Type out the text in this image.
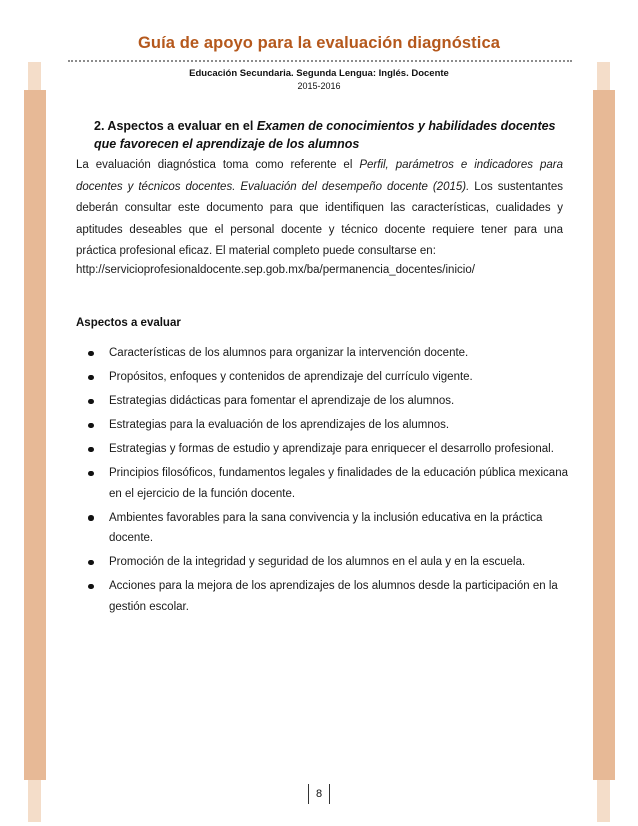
Guía de apoyo para la evaluación diagnóstica
Educación Secundaria. Segunda Lengua: Inglés. Docente
2015-2016
2. Aspectos a evaluar en el Examen de conocimientos y habilidades docentes
que favorecen el aprendizaje de los alumnos
La evaluación diagnóstica toma como referente el Perfil, parámetros e indicadores para docentes y técnicos docentes. Evaluación del desempeño docente (2015). Los sustentantes deberán consultar este documento para que identifiquen las características, cualidades y aptitudes deseables que el personal docente y técnico docente requiere tener para una práctica profesional eficaz. El material completo puede consultarse en:
http://servicioprofesionaldocente.sep.gob.mx/ba/permanencia_docentes/inicio/
Aspectos a evaluar
Características de los alumnos para organizar la intervención docente.
Propósitos, enfoques y contenidos de aprendizaje del currículo vigente.
Estrategias didácticas para fomentar el aprendizaje de los alumnos.
Estrategias para la evaluación de los aprendizajes de los alumnos.
Estrategias y formas de estudio y aprendizaje para enriquecer el desarrollo profesional.
Principios filosóficos, fundamentos legales y finalidades de la educación pública mexicana en el ejercicio de la función docente.
Ambientes favorables para la sana convivencia y la inclusión educativa en la práctica docente.
Promoción de la integridad y seguridad de los alumnos en el aula y en la escuela.
Acciones para la mejora de los aprendizajes de los alumnos desde la participación en la gestión escolar.
8
